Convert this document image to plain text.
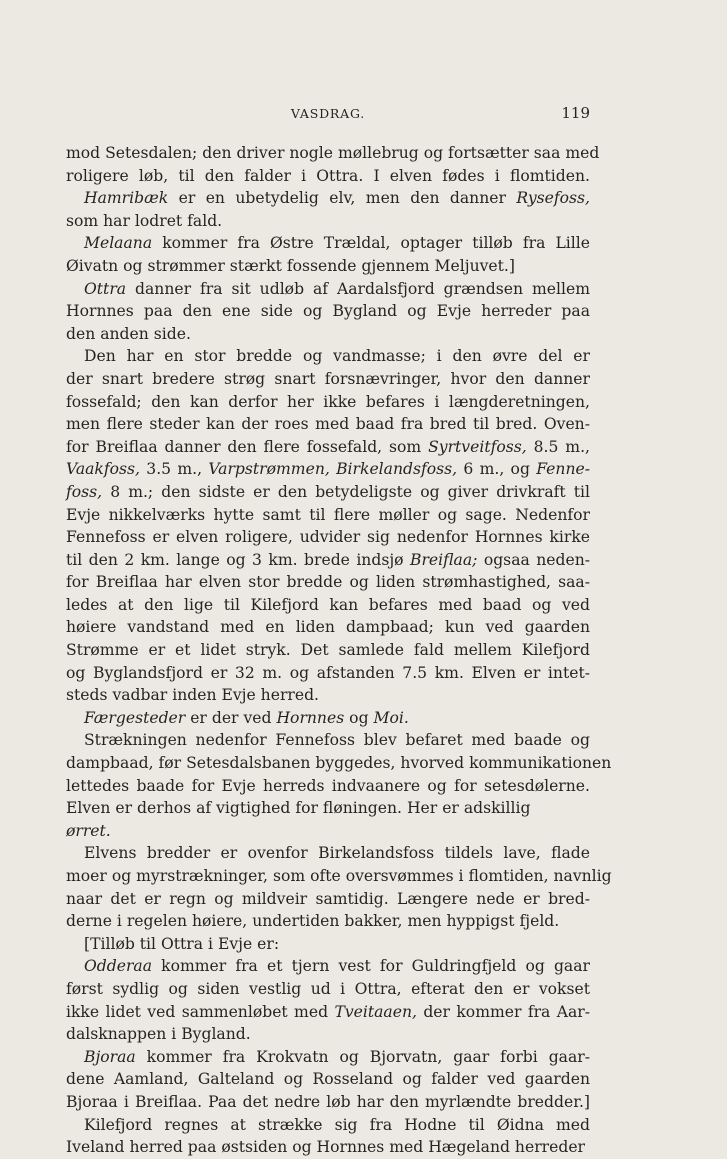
VASDRAG.	119
mod Setesdalen; den driver nogle møllebrug og fortsætter saa med
roligere løb, til den falder i Ottra. I elven fødes i flomtiden.
Hamribæk er en ubetydelig elv, men den danner Rysefoss,
som har lodret fald.
Melaana kommer fra Østre Trældal, optager tilløb fra Lille
Øivatn og strømmer stærkt fossende gjennem Meljuvet.]
Ottra danner fra sit udløb af Aardalsfjord grændsen mellem
Hornnes paa den ene side og Bygland og Evje herreder paa
den anden side.
Den har en stor bredde og vandmasse; i den øvre del er
der snart bredere strøg snart forsnævringer, hvor den danner
fossefald; den kan derfor her ikke befares i længderetningen,
men flere steder kan der roes med baad fra bred til bred. Oven-
for Breiflaa danner den flere fossefald, som Syrtveitfoss, 8.5 m.,
Vaakfoss, 3.5 m., Varpstrømmen, Birkelandsfoss, 6 m., og Fenne-
foss, 8 m.; den sidste er den betydeligste og giver drivkraft til
Evje nikkelværks hytte samt til flere møller og sage. Nedenfor
Fennefoss er elven roligere, udvider sig nedenfor Hornnes kirke
til den 2 km. lange og 3 km. brede indsjø Breiflaa; ogsaa neden-
for Breiflaa har elven stor bredde og liden strømhastighed, saa-
ledes at den lige til Kilefjord kan befares med baad og ved
høiere vandstand med en liden dampbaad; kun ved gaarden
Strømme er et lidet stryk. Det samlede fald mellem Kilefjord
og Byglandsfjord er 32 m. og afstanden 7.5 km. Elven er intet-
steds vadbar inden Evje herred.
Færgesteder er der ved Hornnes og Moi.
Strækningen nedenfor Fennefoss blev befaret med baade og
dampbaad, før Setesdalsbanen byggedes, hvorved kommunikationen
lettedes baade for Evje herreds indvaanere og for setesdølerne.
Elven er derhos af vigtighed for fløningen. Her er adskillig
ørret.
Elvens bredder er ovenfor Birkelandsfoss tildels lave, flade
moer og myrstrækninger, som ofte oversvømmes i flomtiden, navnlig
naar det er regn og mildveir samtidig. Længere nede er bred-
derne i regelen høiere, undertiden bakker, men hyppigst fjeld.
[Tilløb til Ottra i Evje er:
Odderaa kommer fra et tjern vest for Guldringfjeld og gaar
først sydlig og siden vestlig ud i Ottra, efterat den er vokset
ikke lidet ved sammenløbet med Tveitaaen, der kommer fra Aar-
dalsknappen i Bygland.
Bjoraa kommer fra Krokvatn og Bjorvatn, gaar forbi gaar-
dene Aamland, Galteland og Rosseland og falder ved gaarden
Bjoraa i Breiflaa. Paa det nedre løb har den myrlændte bredder.]
Kilefjord regnes at strække sig fra Hodne til Øidna med
Iveland herred paa østsiden og Hornnes med Hægeland herreder
